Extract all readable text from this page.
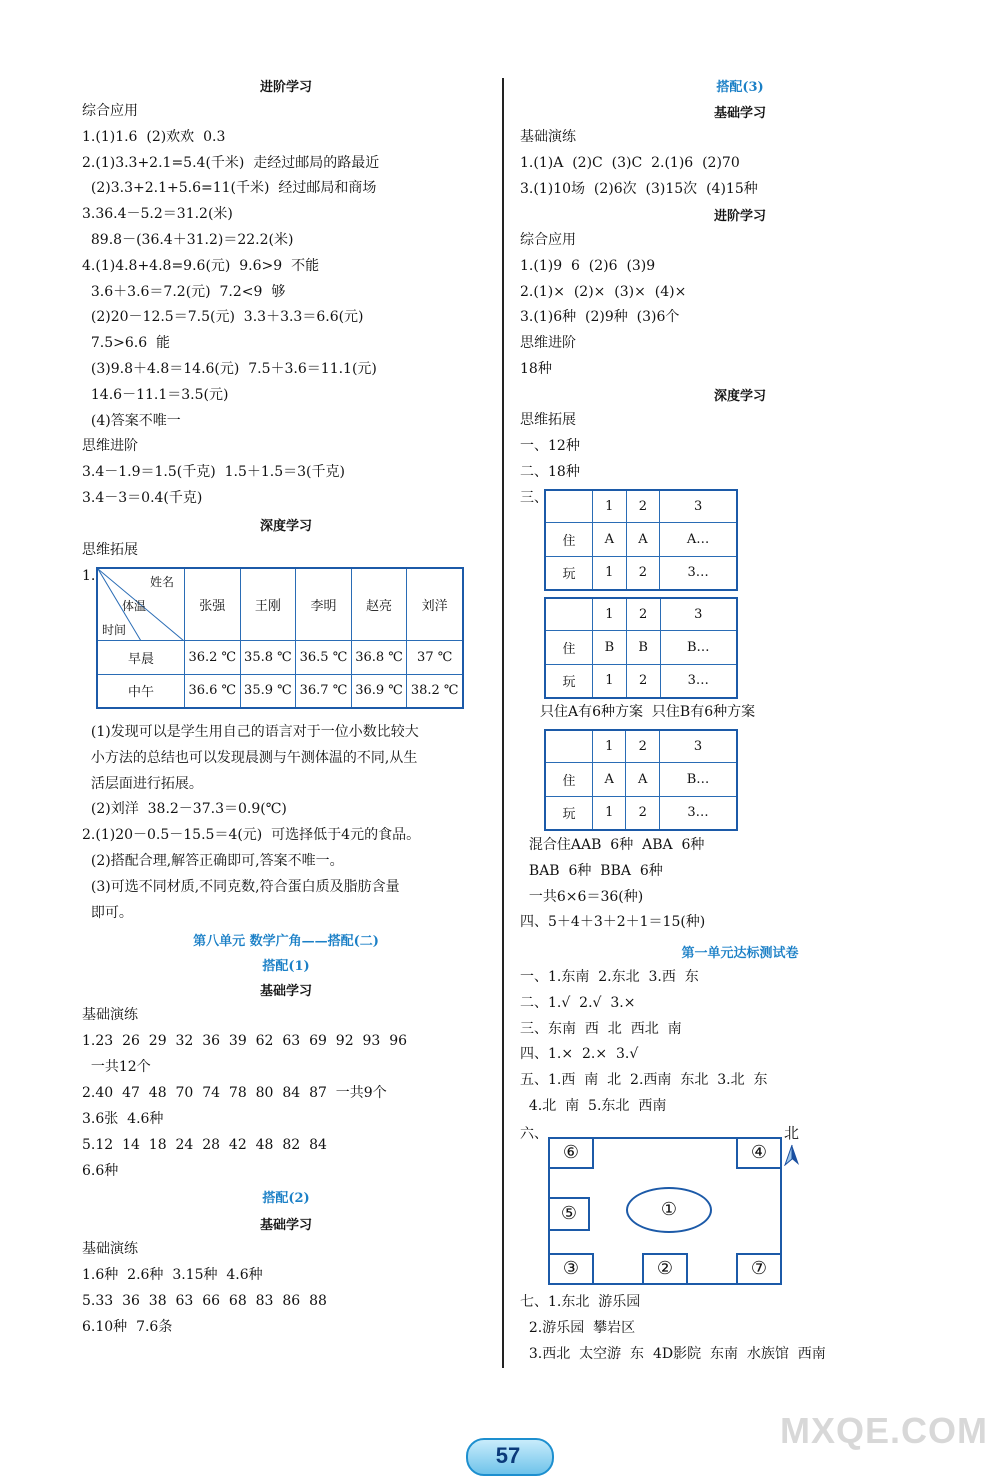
进阶学习
综合应用
1.(1)1.6  (2)欢欢  0.3
2.(1)3.3+2.1=5.4(千米)  走经过邮局的路最近
(2)3.3+2.1+5.6=11(千米)  经过邮局和商场
3.36.4－5.2＝31.2(米)
89.8－(36.4＋31.2)＝22.2(米)
4.(1)4.8+4.8=9.6(元)  9.6>9  不能
3.6＋3.6＝7.2(元)  7.2<9  够
(2)20－12.5＝7.5(元)  3.3＋3.3＝6.6(元)
7.5>6.6  能
(3)9.8＋4.8＝14.6(元)  7.5＋3.6＝11.1(元)
14.6－11.1＝3.5(元)
(4)答案不唯一
思维进阶
3.4－1.9＝1.5(千克)  1.5＋1.5＝3(千克)
3.4－3＝0.4(千克)
深度学习
思维拓展
1.	姓名
体温
时间	张强	王刚	李明	赵亮	刘洋
早晨	36.2 ℃	35.8 ℃	36.5 ℃	36.8 ℃	37 ℃
中午	36.6 ℃	35.9 ℃	36.7 ℃	36.9 ℃	38.2 ℃
(1)发现可以是学生用自己的语言对于一位小数比较大
小方法的总结也可以发现晨测与午测体温的不同,从生
活层面进行拓展。
(2)刘洋  38.2－37.3＝0.9(℃)
2.(1)20－0.5－15.5＝4(元)  可选择低于4元的食品。
(2)搭配合理,解答正确即可,答案不唯一。
(3)可选不同材质,不同克数,符合蛋白质及脂肪含量
即可。
第八单元 数学广角——搭配(二)
搭配(1)
基础学习
基础演练
1.23  26  29  32  36  39  62  63  69  92  93  96
一共12个
2.40  47  48  70  74  78  80  84  87  一共9个
3.6张  4.6种
5.12  14  18  24  28  42  48  82  84
6.6种
搭配(2)
基础学习
基础演练
1.6种  2.6种  3.15种  4.6种
5.33  36  38  63  66  68  83  86  88
6.10种  7.6条
搭配(3)
基础学习
基础演练
1.(1)A  (2)C  (3)C  2.(1)6  (2)70
3.(1)10场  (2)6次  (3)15次  (4)15种
进阶学习
综合应用
1.(1)9  6  (2)6  (3)9
2.(1)×  (2)×  (3)×  (4)×
3.(1)6种  (2)9种  (3)6个
思维进阶
18种
深度学习
思维拓展
一、12种
二、18种
三、
	1	2	3
住	A	A	A…
玩	1	2	3…
	1	2	3
住	B	B	B…
玩	1	2	3…
只住A有6种方案  只住B有6种方案
	1	2	3
住	A	A	B…
玩	1	2	3…
混合住AAB  6种  ABA  6种
BAB  6种  BBA  6种
一共6×6＝36(种)
四、5＋4＋3＋2＋1＝15(种)
第一单元达标测试卷
一、1.东南  2.东北  3.西  东
二、1.√  2.√  3.×
三、东南  西  北  西北  南
四、1.×  2.×  3.√
五、1.西  南  北  2.西南  东北  3.北  东
4.北  南  5.东北  西南
六、
⑥	④
⑤	①
③	②	⑦
北
七、1.东北  游乐园
2.游乐园  攀岩区
3.西北  太空游  东  4D影院  东南  水族馆  西南
57
MXQE.COM
